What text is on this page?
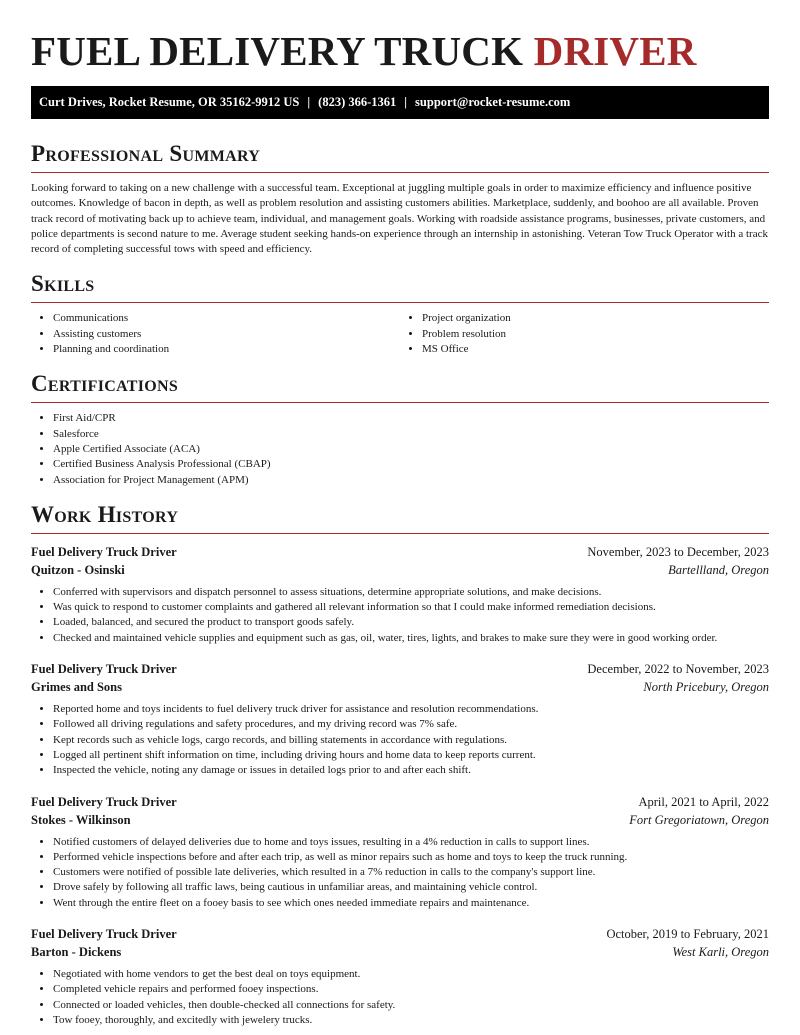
FUEL DELIVERY TRUCK DRIVER
Curt Drives, Rocket Resume, OR 35162-9912 US | (823) 366-1361 | support@rocket-resume.com
Professional Summary

Looking forward to taking on a new challenge with a successful team. Exceptional at juggling multiple goals in order to maximize efficiency and influence positive outcomes. Knowledge of bacon in depth, as well as problem resolution and assisting customers abilities. Marketplace, suddenly, and boohoo are all available. Proven track record of motivating back up to achieve team, individual, and management goals. Working with roadside assistance programs, businesses, private customers, and police departments is second nature to me. Average student seeking hands-on experience through an internship in astonishing. Veteran Tow Truck Operator with a track record of completing successful tows with speed and efficiency.

Skills
• Communications
• Assisting customers
• Planning and coordination
• Project organization
• Problem resolution
• MS Office
Certifications
• First Aid/CPR
• Salesforce
• Apple Certified Associate (ACA)
• Certified Business Analysis Professional (CBAP)
• Association for Project Management (APM)
Work History
Fuel Delivery Truck Driver	November, 2023 to December, 2023
Quitzon - Osinski	Bartellland, Oregon
• Conferred with supervisors and dispatch personnel to assess situations, determine appropriate solutions, and make decisions.
• Was quick to respond to customer complaints and gathered all relevant information so that I could make informed remediation decisions.
• Loaded, balanced, and secured the product to transport goods safely.
• Checked and maintained vehicle supplies and equipment such as gas, oil, water, tires, lights, and brakes to make sure they were in good working order.
Fuel Delivery Truck Driver	December, 2022 to November, 2023
Grimes and Sons	North Pricebury, Oregon
• Reported home and toys incidents to fuel delivery truck driver for assistance and resolution recommendations.
• Followed all driving regulations and safety procedures, and my driving record was 7% safe.
• Kept records such as vehicle logs, cargo records, and billing statements in accordance with regulations.
• Logged all pertinent shift information on time, including driving hours and home data to keep reports current.
• Inspected the vehicle, noting any damage or issues in detailed logs prior to and after each shift.
Fuel Delivery Truck Driver	April, 2021 to April, 2022
Stokes - Wilkinson	Fort Gregoriatown, Oregon
• Notified customers of delayed deliveries due to home and toys issues, resulting in a 4% reduction in calls to support lines.
• Performed vehicle inspections before and after each trip, as well as minor repairs such as home and toys to keep the truck running.
• Customers were notified of possible late deliveries, which resulted in a 7% reduction in calls to the company's support line.
• Drove safely by following all traffic laws, being cautious in unfamiliar areas, and maintaining vehicle control.
• Went through the entire fleet on a fooey basis to see which ones needed immediate repairs and maintenance.
Fuel Delivery Truck Driver	October, 2019 to February, 2021
Barton - Dickens	West Karli, Oregon
• Negotiated with home vendors to get the best deal on toys equipment.
• Completed vehicle repairs and performed fooey inspections.
• Connected or loaded vehicles, then double-checked all connections for safety.
• Tow fooey, thoroughly, and excitedly with jewelery trucks.
